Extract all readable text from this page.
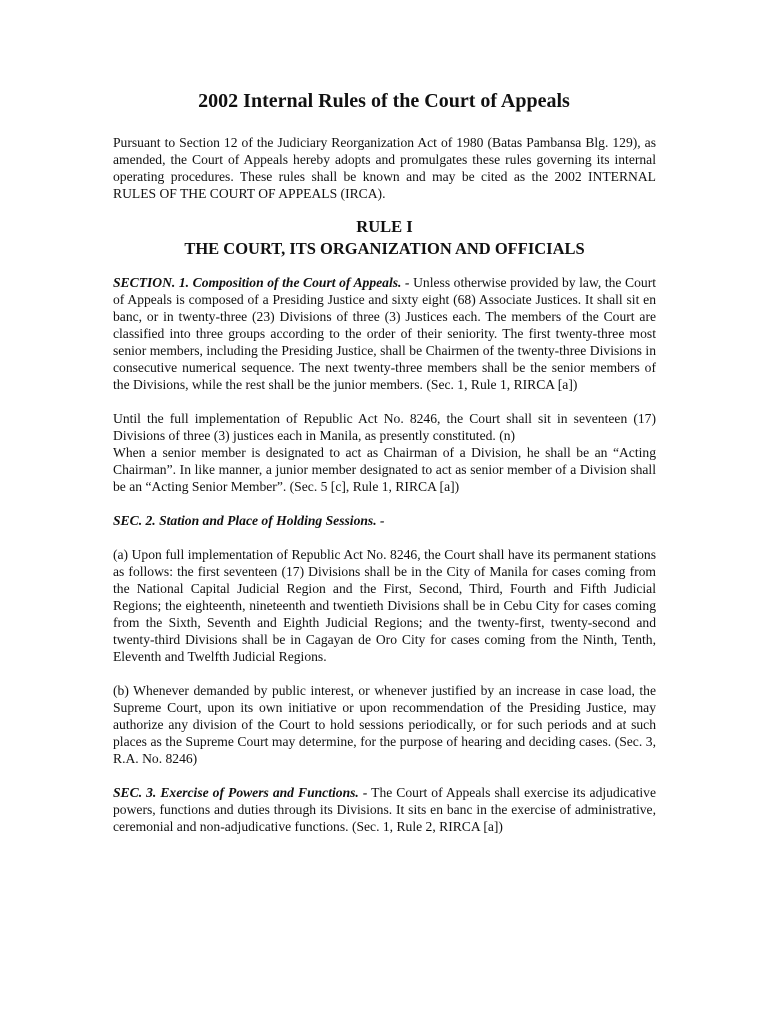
2002 Internal Rules of the Court of Appeals

Pursuant to Section 12 of the Judiciary Reorganization Act of 1980 (Batas Pambansa Blg. 129), as amended, the Court of Appeals hereby adopts and promulgates these rules governing its internal operating procedures. These rules shall be known and may be cited as the 2002 INTERNAL RULES OF THE COURT OF APPEALS (IRCA).

RULE I
THE COURT, ITS ORGANIZATION AND OFFICIALS

SECTION. 1. Composition of the Court of Appeals. - Unless otherwise provided by law, the Court of Appeals is composed of a Presiding Justice and sixty eight (68) Associate Justices. It shall sit en banc, or in twenty-three (23) Divisions of three (3) Justices each. The members of the Court are classified into three groups according to the order of their seniority. The first twenty-three most senior members, including the Presiding Justice, shall be Chairmen of the twenty-three Divisions in consecutive numerical sequence. The next twenty-three members shall be the senior members of the Divisions, while the rest shall be the junior members. (Sec. 1, Rule 1, RIRCA [a])

Until the full implementation of Republic Act No. 8246, the Court shall sit in seventeen (17) Divisions of three (3) justices each in Manila, as presently constituted. (n)

When a senior member is designated to act as Chairman of a Division, he shall be an “Acting Chairman”. In like manner, a junior member designated to act as senior member of a Division shall be an “Acting Senior Member”. (Sec. 5 [c], Rule 1, RIRCA [a])

SEC. 2. Station and Place of Holding Sessions. -

(a) Upon full implementation of Republic Act No. 8246, the Court shall have its permanent stations as follows: the first seventeen (17) Divisions shall be in the City of Manila for cases coming from the National Capital Judicial Region and the First, Second, Third, Fourth and Fifth Judicial Regions; the eighteenth, nineteenth and twentieth Divisions shall be in Cebu City for cases coming from the Sixth, Seventh and Eighth Judicial Regions; and the twenty-first, twenty-second and twenty-third Divisions shall be in Cagayan de Oro City for cases coming from the Ninth, Tenth, Eleventh and Twelfth Judicial Regions.

(b) Whenever demanded by public interest, or whenever justified by an increase in case load, the Supreme Court, upon its own initiative or upon recommendation of the Presiding Justice, may authorize any division of the Court to hold sessions periodically, or for such periods and at such places as the Supreme Court may determine, for the purpose of hearing and deciding cases. (Sec. 3, R.A. No. 8246)

SEC. 3. Exercise of Powers and Functions. - The Court of Appeals shall exercise its adjudicative powers, functions and duties through its Divisions. It sits en banc in the exercise of administrative, ceremonial and non-adjudicative functions. (Sec. 1, Rule 2, RIRCA [a])
